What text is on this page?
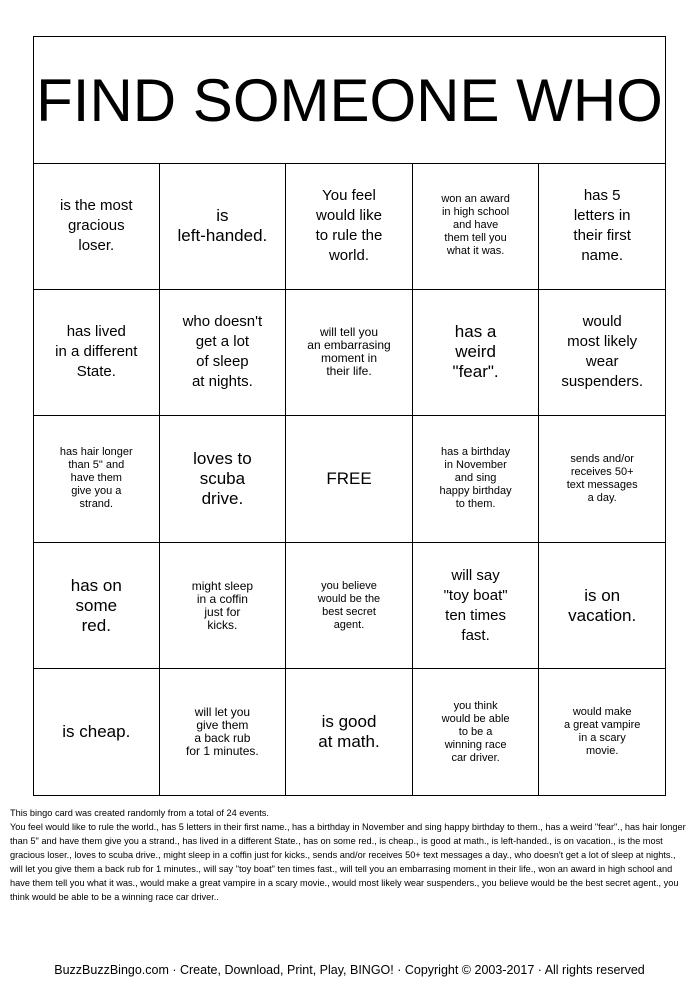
FIND SOMEONE WHO
is the most
gracious
loser.
is
left-handed.
You feel
would like
to rule the
world.
won an award
in high school
and have
them tell you
what it was.
has 5
letters in
their first
name.
has lived
in a different
State.
who doesn't
get a lot
of sleep
at nights.
will tell you
an embarrasing
moment in
their life.
has a
weird
"fear".
would
most likely
wear
suspenders.
has hair longer
than 5" and
have them
give you a
strand.
loves to
scuba
drive.
FREE
has a birthday
in November
and sing
happy birthday
to them.
sends and/or
receives 50+
text messages
a day.
has on
some
red.
might sleep
in a coffin
just for
kicks.
you believe
would be the
best secret
agent.
will say
"toy boat"
ten times
fast.
is on
vacation.
is cheap.
will let you
give them
a back rub
for 1 minutes.
is good
at math.
you think
would be able
to be a
winning race
car driver.
would make
a great vampire
in a scary
movie.

This bingo card was created randomly from a total of 24 events.

You feel would like to rule the world., has 5 letters in their first name., has a birthday in November and sing happy birthday to them., has a weird "fear"., has hair longer than 5" and have them give you a strand., has lived in a different State., has on some red., is cheap., is good at math., is left-handed., is on vacation., is the most gracious loser., loves to scuba drive., might sleep in a coffin just for kicks., sends and/or receives 50+ text messages a day., who doesn't get a lot of sleep at nights., will let you give them a back rub for 1 minutes., will say "toy boat" ten times fast., will tell you an embarrasing moment in their life., won an award in high school and have them tell you what it was., would make a great vampire in a scary movie., would most likely wear suspenders., you believe would be the best secret agent., you think would be able to be a winning race car driver..

BuzzBuzzBingo.com · Create, Download, Print, Play, BINGO! · Copyright © 2003-2017 · All rights reserved
